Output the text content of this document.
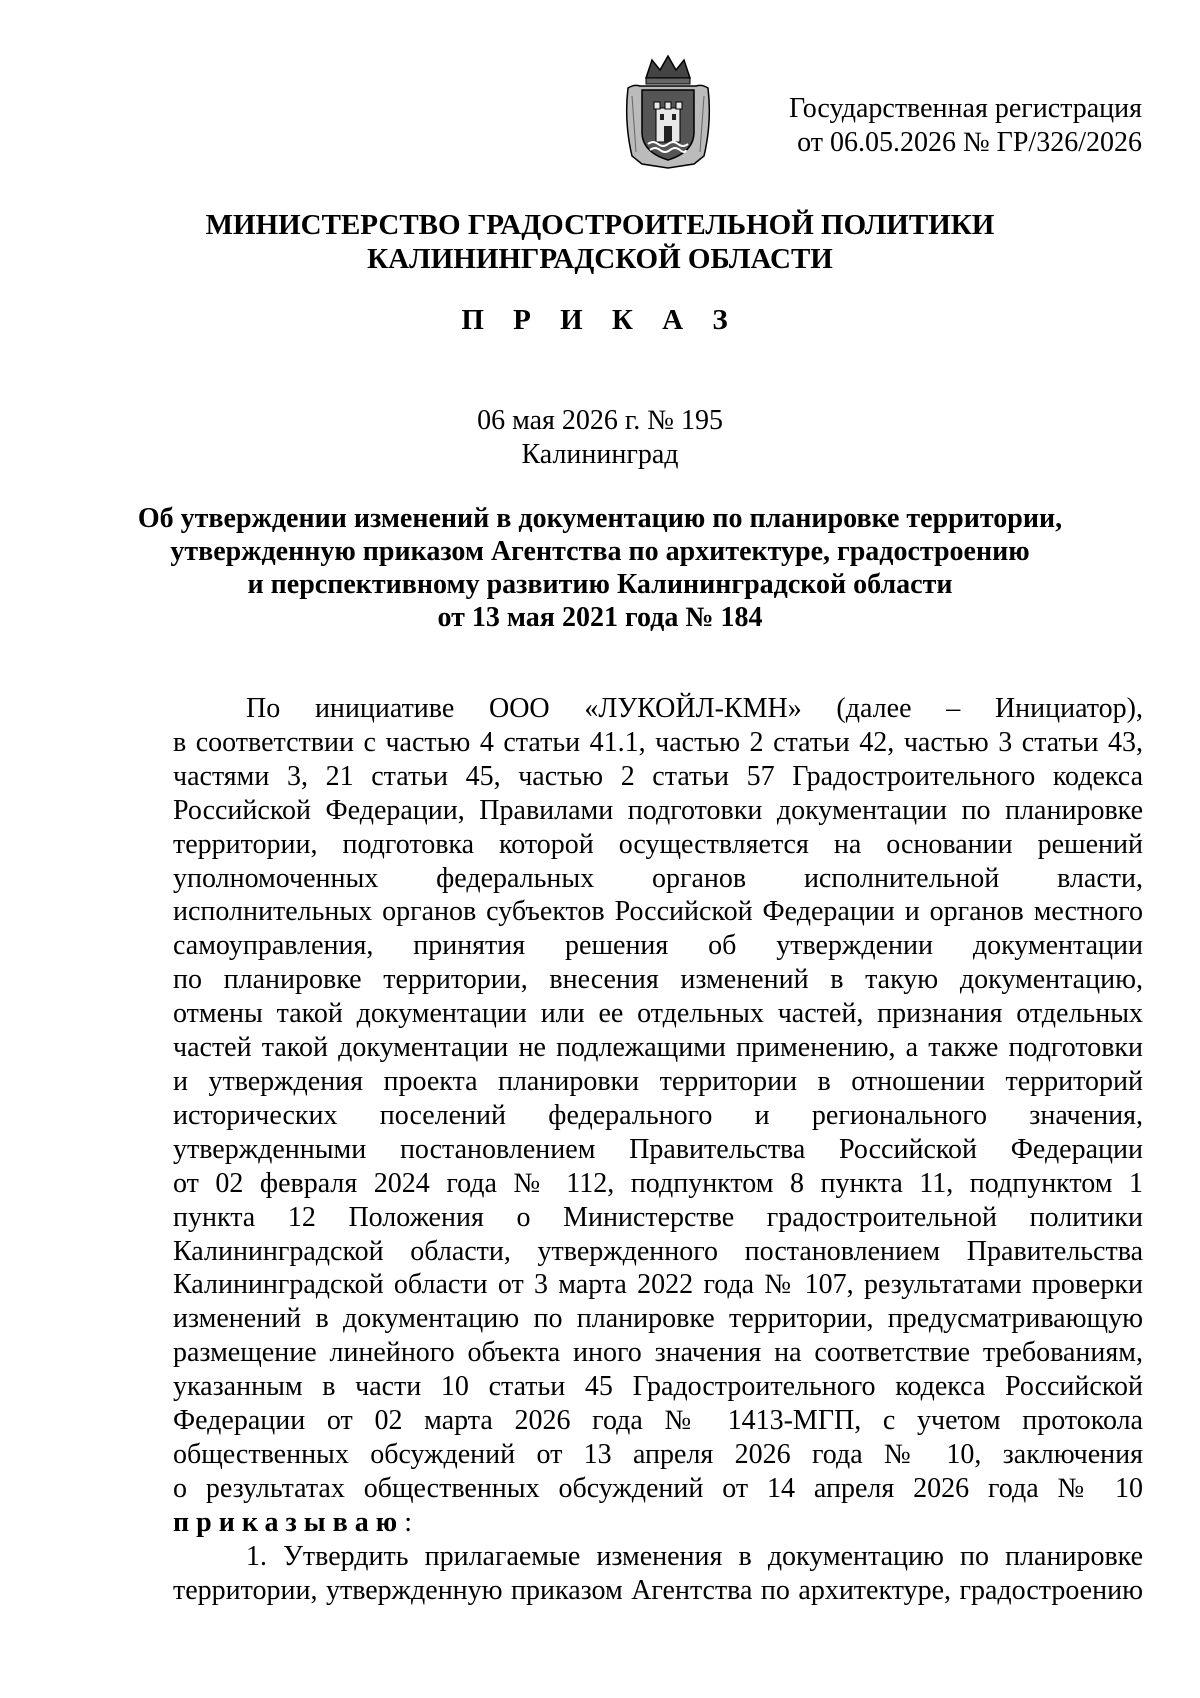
Государственная регистрация
от 06.05.2026 № ГР/326/2026
МИНИСТЕРСТВО ГРАДОСТРОИТЕЛЬНОЙ ПОЛИТИКИ
КАЛИНИНГРАДСКОЙ ОБЛАСТИ
П Р И К А З
06 мая 2026 г. № 195
Калининград
Об утверждении изменений в документацию по планировке территории,
утвержденную приказом Агентства по архитектуре, градостроению
и перспективному развитию Калининградской области
от 13 мая 2021 года № 184
По инициативе ООО «ЛУКОЙЛ-КМН» (далее – Инициатор),
в соответствии с частью 4 статьи 41.1, частью 2 статьи 42, частью 3 статьи 43,
частями 3, 21 статьи 45, частью 2 статьи 57 Градостроительного кодекса
Российской Федерации, Правилами подготовки документации по планировке
территории, подготовка которой осуществляется на основании решений
уполномоченных федеральных органов исполнительной власти,
исполнительных органов субъектов Российской Федерации и органов местного
самоуправления, принятия решения об утверждении документации
по планировке территории, внесения изменений в такую документацию,
отмены такой документации или ее отдельных частей, признания отдельных
частей такой документации не подлежащими применению, а также подготовки
и утверждения проекта планировки территории в отношении территорий
исторических поселений федерального и регионального значения,
утвержденными постановлением Правительства Российской Федерации
от 02 февраля 2024 года № 112, подпунктом 8 пункта 11, подпунктом 1
пункта 12 Положения о Министерстве градостроительной политики
Калининградской области, утвержденного постановлением Правительства
Калининградской области от 3 марта 2022 года № 107, результатами проверки
изменений в документацию по планировке территории, предусматривающую
размещение линейного объекта иного значения на соответствие требованиям,
указанным в части 10 статьи 45 Градостроительного кодекса Российской
Федерации от 02 марта 2026 года № 1413-МГП, с учетом протокола
общественных обсуждений от 13 апреля 2026 года № 10, заключения
о результатах общественных обсуждений от 14 апреля 2026 года № 10
приказываю:
1. Утвердить прилагаемые изменения в документацию по планировке
территории, утвержденную приказом Агентства по архитектуре, градостроению
